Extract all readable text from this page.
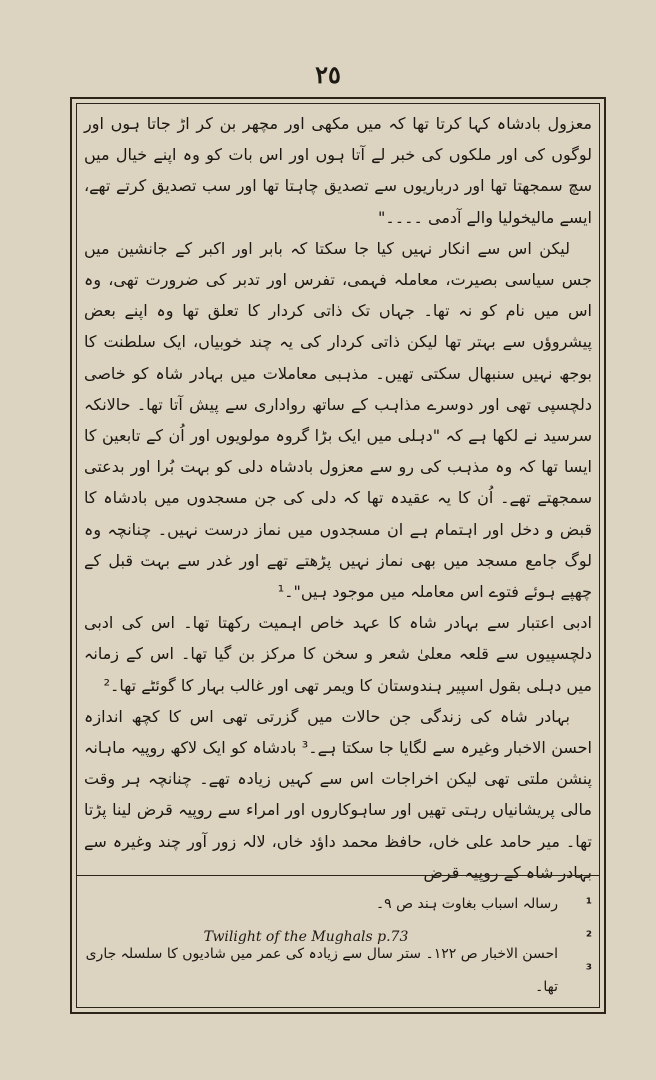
٢٥

معزول بادشاہ کہا کرتا تھا کہ میں مکھی اور مچھر بن کر اڑ جاتا ہوں اور لوگوں کی اور ملکوں کی خبر لے آتا ہوں اور اس بات کو وہ اپنے خیال میں سچ سمجھتا تھا اور درباریوں سے تصدیق چاہتا تھا اور سب تصدیق کرتے تھے، ایسے مالیخولیا والے آدمی ۔۔۔۔"

لیکن اس سے انکار نہیں کیا جا سکتا کہ بابر اور اکبر کے جانشین میں جس سیاسی بصیرت، معاملہ فہمی، تفرس اور تدبر کی ضرورت تھی، وہ اس میں نام کو نہ تھا۔ جہاں تک ذاتی کردار کا تعلق تھا وہ اپنے بعض پیشروؤں سے بہتر تھا لیکن ذاتی کردار کی یہ چند خوبیاں، ایک سلطنت کا بوجھ نہیں سنبھال سکتی تھیں۔ مذہبی معاملات میں بہادر شاہ کو خاصی دلچسپی تھی اور دوسرے مذاہب کے ساتھ رواداری سے پیش آتا تھا۔ حالانکہ سرسید نے لکھا ہے کہ "دہلی میں ایک بڑا گروہ مولویوں اور اُن کے تابعین کا ایسا تھا کہ وہ مذہب کی رو سے معزول بادشاہ دلی کو بہت بُرا اور بدعتی سمجھتے تھے۔ اُن کا یہ عقیدہ تھا کہ دلی کی جن مسجدوں میں بادشاہ کا قبض و دخل اور اہتمام ہے ان مسجدوں میں نماز درست نہیں۔ چنانچہ وہ لوگ جامع مسجد میں بھی نماز نہیں پڑھتے تھے اور غدر سے بہت قبل کے چھپے ہوئے فتوے اس معاملہ میں موجود ہیں"۔¹

ادبی اعتبار سے بہادر شاہ کا عہد خاص اہمیت رکھتا تھا۔ اس کی ادبی دلچسپیوں سے قلعہ معلیٰ شعر و سخن کا مرکز بن گیا تھا۔ اس کے زمانہ میں دہلی بقول اسپیر ہندوستان کا ویمر تھی اور غالب بہار کا گوئٹے تھا۔²

بہادر شاہ کی زندگی جن حالات میں گزرتی تھی اس کا کچھ اندازہ احسن الاخبار وغیرہ سے لگایا جا سکتا ہے۔³ بادشاہ کو ایک لاکھ روپیہ ماہانہ پنشن ملتی تھی لیکن اخراجات اس سے کہیں زیادہ تھے۔ چنانچہ ہر وقت مالی پریشانیاں رہتی تھیں اور ساہوکاروں اور امراء سے روپیہ قرض لینا پڑتا تھا۔ میر حامد علی خاں، حافظ محمد داؤد خاں، لالہ زور آور چند وغیرہ سے بہادر شاہ کے روپیہ قرض

¹
رسالہ اسباب بغاوت ہند ص ٩۔
²
Twilight of the Mughals p.73
³
احسن الاخبار ص ١٢٢۔ ستر سال سے زیادہ کی عمر میں شادیوں کا سلسلہ جاری تھا۔
